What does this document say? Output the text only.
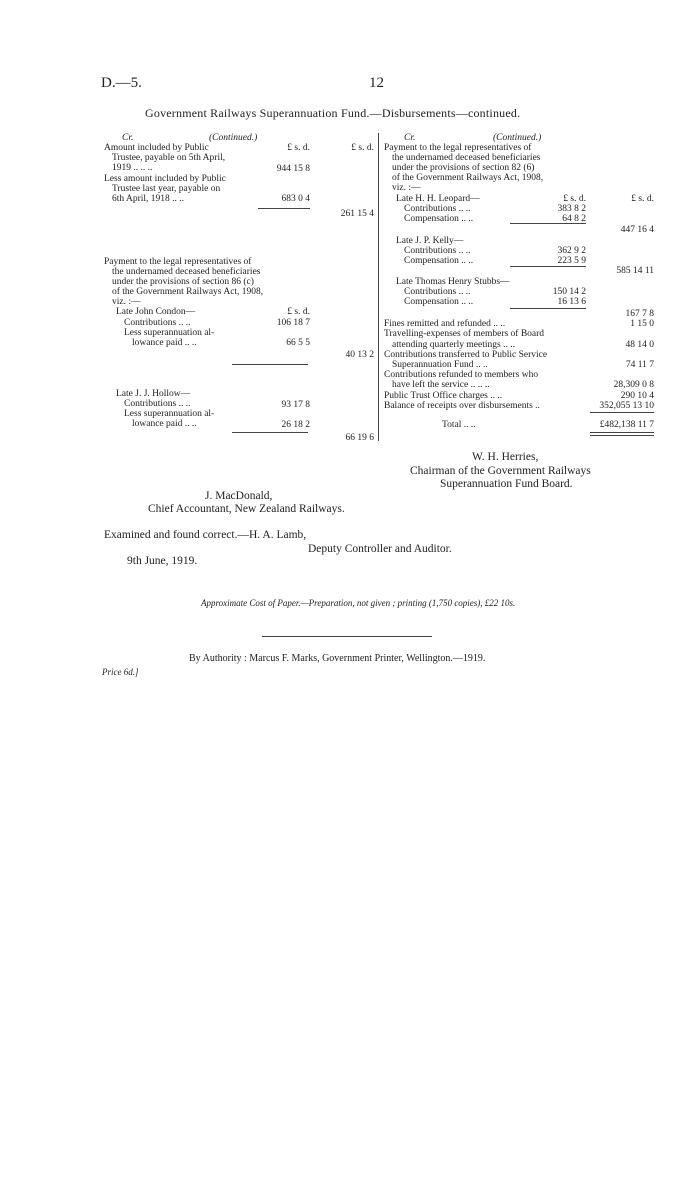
D.—5.	12
Government Railways Superannuation Fund.—Disbursements—continued.
Cr.	(Continued.)
£ s. d.	£ s. d.
Amount included by Public
Trustee, payable on 5th April,
1919 .. .. ..	944 15 8
Less amount included by Public
Trustee last year, payable on
6th April, 1918 .. ..	683 0 4
261 15 4
Payment to the legal representatives of
the undernamed deceased beneficiaries
under the provisions of section 86 (c)
of the Government Railways Act, 1908,
viz. :—
Late John Condon—	£ s. d.
Contributions .. ..	106 18 7
Less superannuation al-
lowance paid .. ..	66 5 5
40 13 2
Late J. J. Hollow—
Contributions .. ..	93 17 8
Less superannuation al-
lowance paid .. ..	26 18 2
66 19 6
Cr.	(Continued.)
Payment to the legal representatives of
the undernamed deceased beneficiaries
under the provisions of section 82 (6)
of the Government Railways Act, 1908,
viz. :—
Late H. H. Leopard—	£ s. d.	£ s. d.
Contributions .. ..	383 8 2
Compensation .. ..	64 8 2
447 16 4
Late J. P. Kelly—
Contributions .. ..	362 9 2
Compensation .. ..	223 5 9
585 14 11
Late Thomas Henry Stubbs—
Contributions .. ..	150 14 2
Compensation .. ..	16 13 6
167 7 8
Fines remitted and refunded .. ..	1 15 0
Travelling-expenses of members of Board
attending quarterly meetings .. ..	48 14 0
Contributions transferred to Public Service
Superannuation Fund .. ..	74 11 7
Contributions refunded to members who
have left the service .. .. ..	28,309 0 8
Public Trust Office charges .. ..	290 10 4
Balance of receipts over disbursements ..	352,055 13 10
Total .. ..	£482,138 11 7
W. H. Herries,
Chairman of the Government Railways
Superannuation Fund Board.
J. MacDonald,
Chief Accountant, New Zealand Railways.
Examined and found correct.—H. A. Lamb,
Deputy Controller and Auditor.
9th June, 1919.
Approximate Cost of Paper.—Preparation, not given ; printing (1,750 copies), £22 10s.
By Authority : Marcus F. Marks, Government Printer, Wellington.—1919.
Price 6d.]
